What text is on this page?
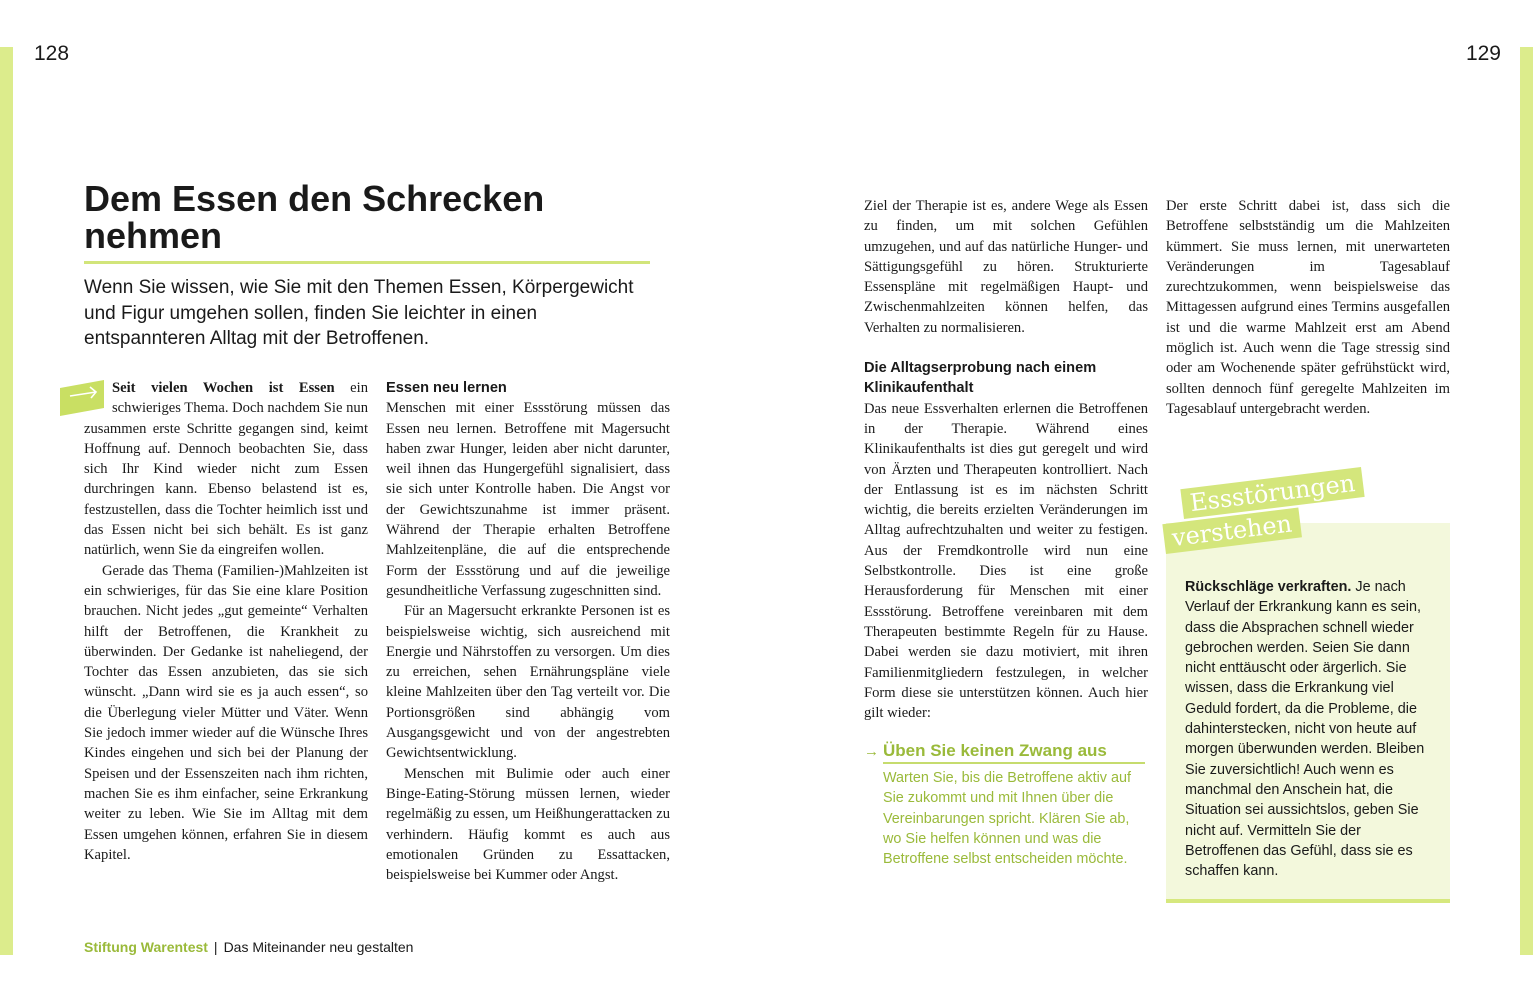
128	129
Dem Essen den Schrecken nehmen

Wenn Sie wissen, wie Sie mit den Themen Essen, Körpergewicht und Figur umgehen sollen, finden Sie leichter in einen entspannteren Alltag mit der Betroffenen.

Seit vielen Wochen ist Essen ein schwieriges Thema. Doch nachdem Sie nun zusammen erste Schritte gegangen sind, keimt Hoffnung auf. Dennoch beobachten Sie, dass sich Ihr Kind wieder nicht zum Essen durchringen kann. Ebenso belastend ist es, festzustellen, dass die Tochter heimlich isst und das Essen nicht bei sich behält. Es ist ganz natürlich, wenn Sie da eingreifen wollen.

Gerade das Thema (Familien-)Mahlzeiten ist ein schwieriges, für das Sie eine klare Position brauchen. Nicht jedes „gut gemeinte“ Verhalten hilft der Betroffenen, die Krankheit zu überwinden. Der Gedanke ist naheliegend, der Tochter das Essen anzubieten, das sie sich wünscht. „Dann wird sie es ja auch essen“, so die Überlegung vieler Mütter und Väter. Wenn Sie jedoch immer wieder auf die Wünsche Ihres Kindes eingehen und sich bei der Planung der Speisen und der Essenszeiten nach ihm richten, machen Sie es ihm einfacher, seine Erkrankung weiter zu leben. Wie Sie im Alltag mit dem Essen umgehen können, erfahren Sie in diesem Kapitel.

Essen neu lernen

Menschen mit einer Essstörung müssen das Essen neu lernen. Betroffene mit Magersucht haben zwar Hunger, leiden aber nicht darunter, weil ihnen das Hungergefühl signalisiert, dass sie sich unter Kontrolle haben. Die Angst vor der Gewichtszunahme ist immer präsent. Während der Therapie erhalten Betroffene Mahlzeitenpläne, die auf die entsprechende Form der Essstörung und auf die jeweilige gesundheitliche Verfassung zugeschnitten sind.

Für an Magersucht erkrankte Personen ist es beispielsweise wichtig, sich ausreichend mit Energie und Nährstoffen zu versorgen. Um dies zu erreichen, sehen Ernährungspläne viele kleine Mahlzeiten über den Tag verteilt vor. Die Portionsgrößen sind abhängig vom Ausgangsgewicht und von der angestrebten Gewichtsentwicklung.

Menschen mit Bulimie oder auch einer Binge-Eating-Störung müssen lernen, wieder regelmäßig zu essen, um Heißhungerattacken zu verhindern. Häufig kommt es auch aus emotionalen Gründen zu Essattacken, beispielsweise bei Kummer oder Angst.

Ziel der Therapie ist es, andere Wege als Essen zu finden, um mit solchen Gefühlen umzugehen, und auf das natürliche Hunger- und Sättigungsgefühl zu hören. Strukturierte Essenspläne mit regelmäßigen Haupt- und Zwischenmahlzeiten können helfen, das Verhalten zu normalisieren.

Die Alltagserprobung nach einem Klinikaufenthalt

Das neue Essverhalten erlernen die Betroffenen in der Therapie. Während eines Klinikaufenthalts ist dies gut geregelt und wird von Ärzten und Therapeuten kontrolliert. Nach der Entlassung ist es im nächsten Schritt wichtig, die bereits erzielten Veränderungen im Alltag aufrechtzuhalten und weiter zu festigen. Aus der Fremdkontrolle wird nun eine Selbstkontrolle. Dies ist eine große Herausforderung für Menschen mit einer Essstörung. Betroffene vereinbaren mit dem Therapeuten bestimmte Regeln für zu Hause. Dabei werden sie dazu motiviert, mit ihren Familienmitgliedern festzulegen, in welcher Form diese sie unterstützen können. Auch hier gilt wieder:

→ Üben Sie keinen Zwang aus

Warten Sie, bis die Betroffene aktiv auf Sie zukommt und mit Ihnen über die Vereinbarungen spricht. Klären Sie ab, wo Sie helfen können und was die Betroffene selbst entscheiden möchte.

Der erste Schritt dabei ist, dass sich die Betroffene selbstständig um die Mahlzeiten kümmert. Sie muss lernen, mit unerwarteten Veränderungen im Tagesablauf zurechtzukommen, wenn beispielsweise das Mittagessen aufgrund eines Termins ausgefallen ist und die warme Mahlzeit erst am Abend möglich ist. Auch wenn die Tage stressig sind oder am Wochenende später gefrühstückt wird, sollten dennoch fünf geregelte Mahlzeiten im Tagesablauf untergebracht werden.

Essstörungen
verstehen

Rückschläge verkraften. Je nach Verlauf der Erkrankung kann es sein, dass die Absprachen schnell wieder gebrochen werden. Seien Sie dann nicht enttäuscht oder ärgerlich. Sie wissen, dass die Erkrankung viel Geduld fordert, da die Probleme, die dahinterstecken, nicht von heute auf morgen überwunden werden. Bleiben Sie zuversichtlich! Auch wenn es manchmal den Anschein hat, die Situation sei aussichtslos, geben Sie nicht auf. Vermitteln Sie der Betroffenen das Gefühl, dass sie es schaffen kann.

Stiftung Warentest | Das Miteinander neu gestalten
